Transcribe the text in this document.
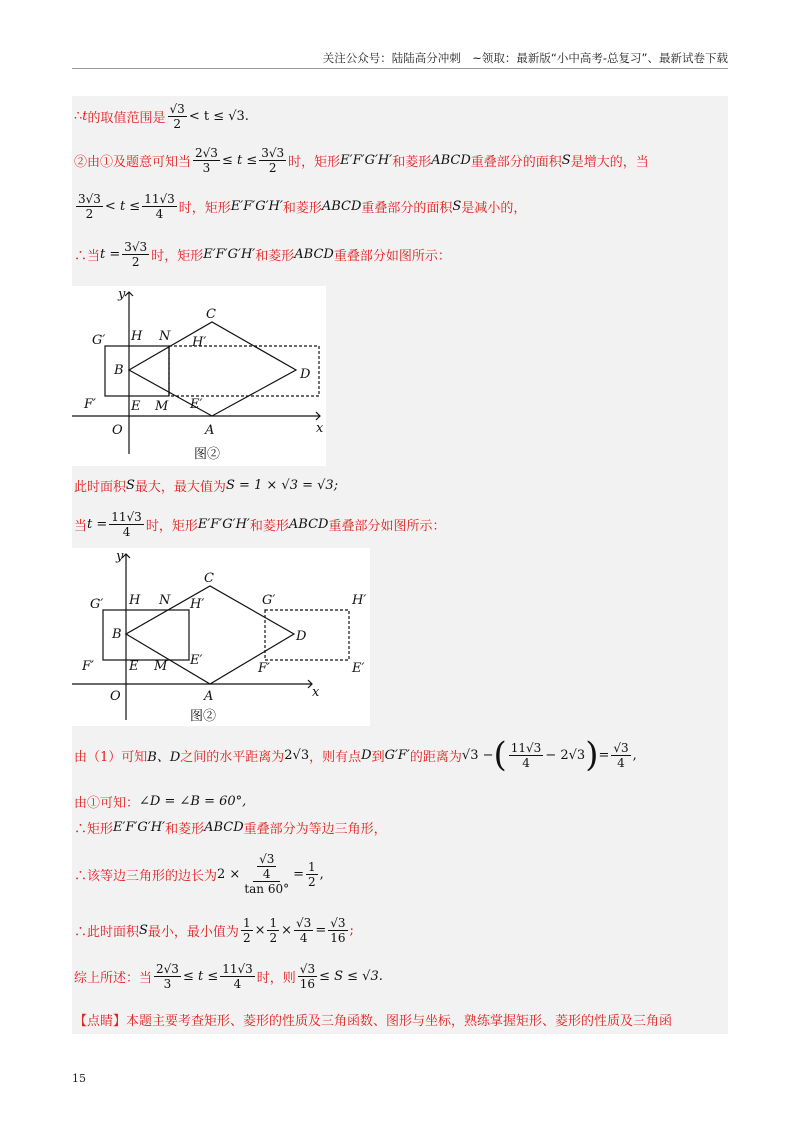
关注公众号：陆陆高分冲刺　~领取：最新版“小中高考-总复习”、最新试卷下载
∴ t 的取值范围是 $\frac{√3}{2} < t \le √3$.
②由①及题意可知当 $\frac{2√3}{3} \le t \le \frac{3√3}{2}$ 时，矩形 E′F′G′H′ 和菱形 ABCD 重叠部分的面积 S 是增大的，当
$\frac{3√3}{2} < t \le \frac{11√3}{4}$ 时，矩形 E′F′G′H′ 和菱形 ABCD 重叠部分的面积 S 是减小的，
∴当 $t = \frac{3√3}{2}$ 时，矩形 E′F′G′H′ 和菱形 ABCD 重叠部分如图所示：
y
x
O	A
B
C
D
E M
N
H
G′
F′
H′
E′
图②
此时面积 S 最大，最大值为 S = 1 × √3 = √3;
当 $t = \frac{11√3}{4}$ 时，矩形 E′F′G′H′ 和菱形 ABCD 重叠部分如图所示：
y
x
O	A
B
C
D
E M
N
H
G′
F′
H′
E′
G′	H′
F′	E′
图②
由（1）可知 B、D 之间的水平距离为 2√3 ，则有点 D 到 G′F′ 的距离为 √3 − ( $\frac{11√3}{4} - 2√3$ ) = $\frac{√3}{4}$ ,
由①可知： ∠D = ∠B = 60°,
∴矩形 E′F′G′H′ 和菱形 ABCD 重叠部分为等边三角形，
∴该等边三角形的边长为 $2 \times \frac{\frac{√3}{4}}{\tan 60^\circ} = \frac{1}{2}$ ,
∴此时面积 S 最小，最小值为 $\frac{1}{2} \times \frac{1}{2} \times \frac{√3}{4} = \frac{√3}{16}$ ;
综上所述：当 $\frac{2√3}{3} \le t \le \frac{11√3}{4}$ 时，则 $\frac{√3}{16} \le S \le √3$.
【点睛】本题主要考查矩形、菱形的性质及三角函数、图形与坐标，熟练掌握矩形、菱形的性质及三角函
15
